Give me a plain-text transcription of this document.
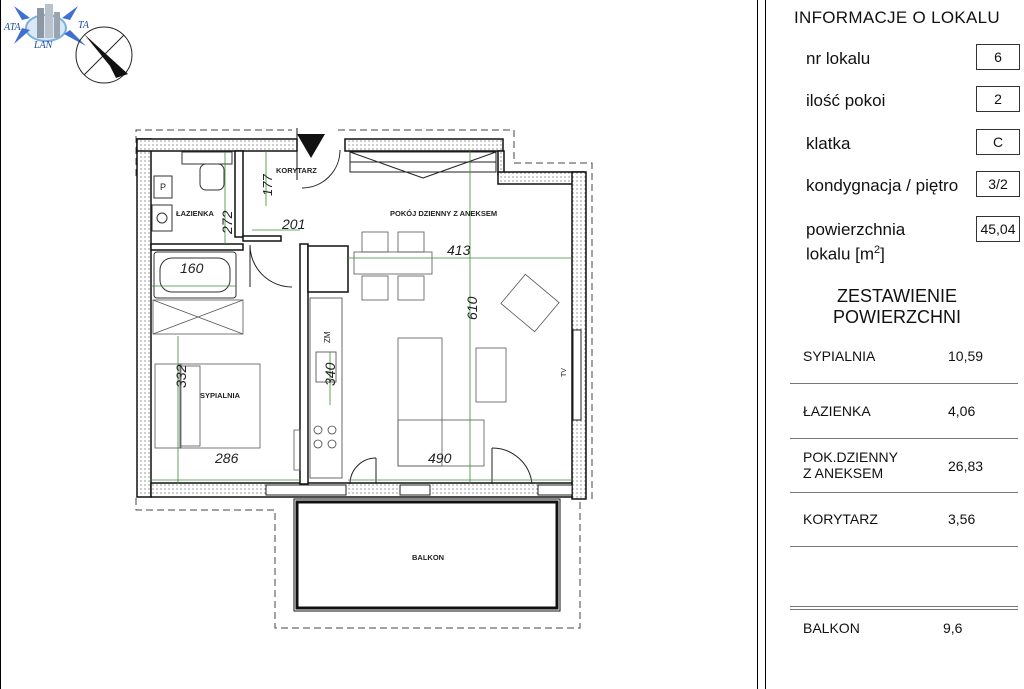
ATA	TA
LAN
P
ZM
TV
177
201
272
160
413
610
340
332
286	490
ŁAZIENKA
KORYTARZ
POKÓJ DZIENNY Z ANEKSEM
SYPIALNIA
BALKON
INFORMACJE O LOKALU
nr lokalu	6
ilość pokoi	2
klatka	C
kondygnacja / piętro	3/2
powierzchnia
lokalu $[m^2]$
45,04
ZESTAWIENIE
POWIERZCHNI
SYPIALNIA	10,59
ŁAZIENKA	4,06
POK.DZIENNY
Z ANEKSEM	26,83
KORYTARZ	3,56
BALKON	9,6
